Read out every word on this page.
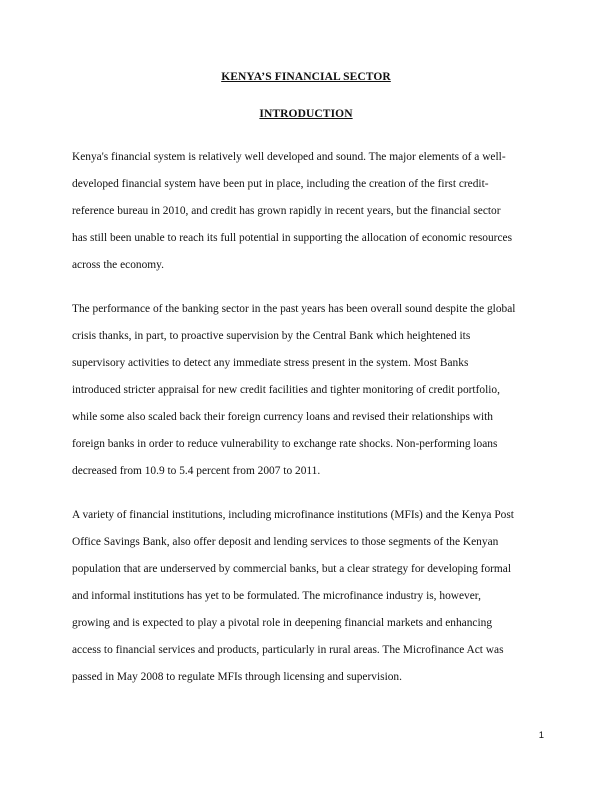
KENYA’S FINANCIAL SECTOR
INTRODUCTION

Kenya's financial system is relatively well developed and sound. The major elements of a well-
developed financial system have been put in place, including the creation of the first credit-
reference bureau in 2010, and credit has grown rapidly in recent years, but the financial sector
has still been unable to reach its full potential in supporting the allocation of economic resources
across the economy.

The performance of the banking sector in the past years has been overall sound despite the global
crisis thanks, in part, to proactive supervision by the Central Bank which heightened its
supervisory activities to detect any immediate stress present in the system. Most Banks
introduced stricter appraisal for new credit facilities and tighter monitoring of credit portfolio,
while some also scaled back their foreign currency loans and revised their relationships with
foreign banks in order to reduce vulnerability to exchange rate shocks. Non-performing loans
decreased from 10.9 to 5.4 percent from 2007 to 2011.

A variety of financial institutions, including microfinance institutions (MFIs) and the Kenya Post
Office Savings Bank, also offer deposit and lending services to those segments of the Kenyan
population that are underserved by commercial banks, but a clear strategy for developing formal
and informal institutions has yet to be formulated. The microfinance industry is, however,
growing and is expected to play a pivotal role in deepening financial markets and enhancing
access to financial services and products, particularly in rural areas. The Microfinance Act was
passed in May 2008 to regulate MFIs through licensing and supervision.

1
